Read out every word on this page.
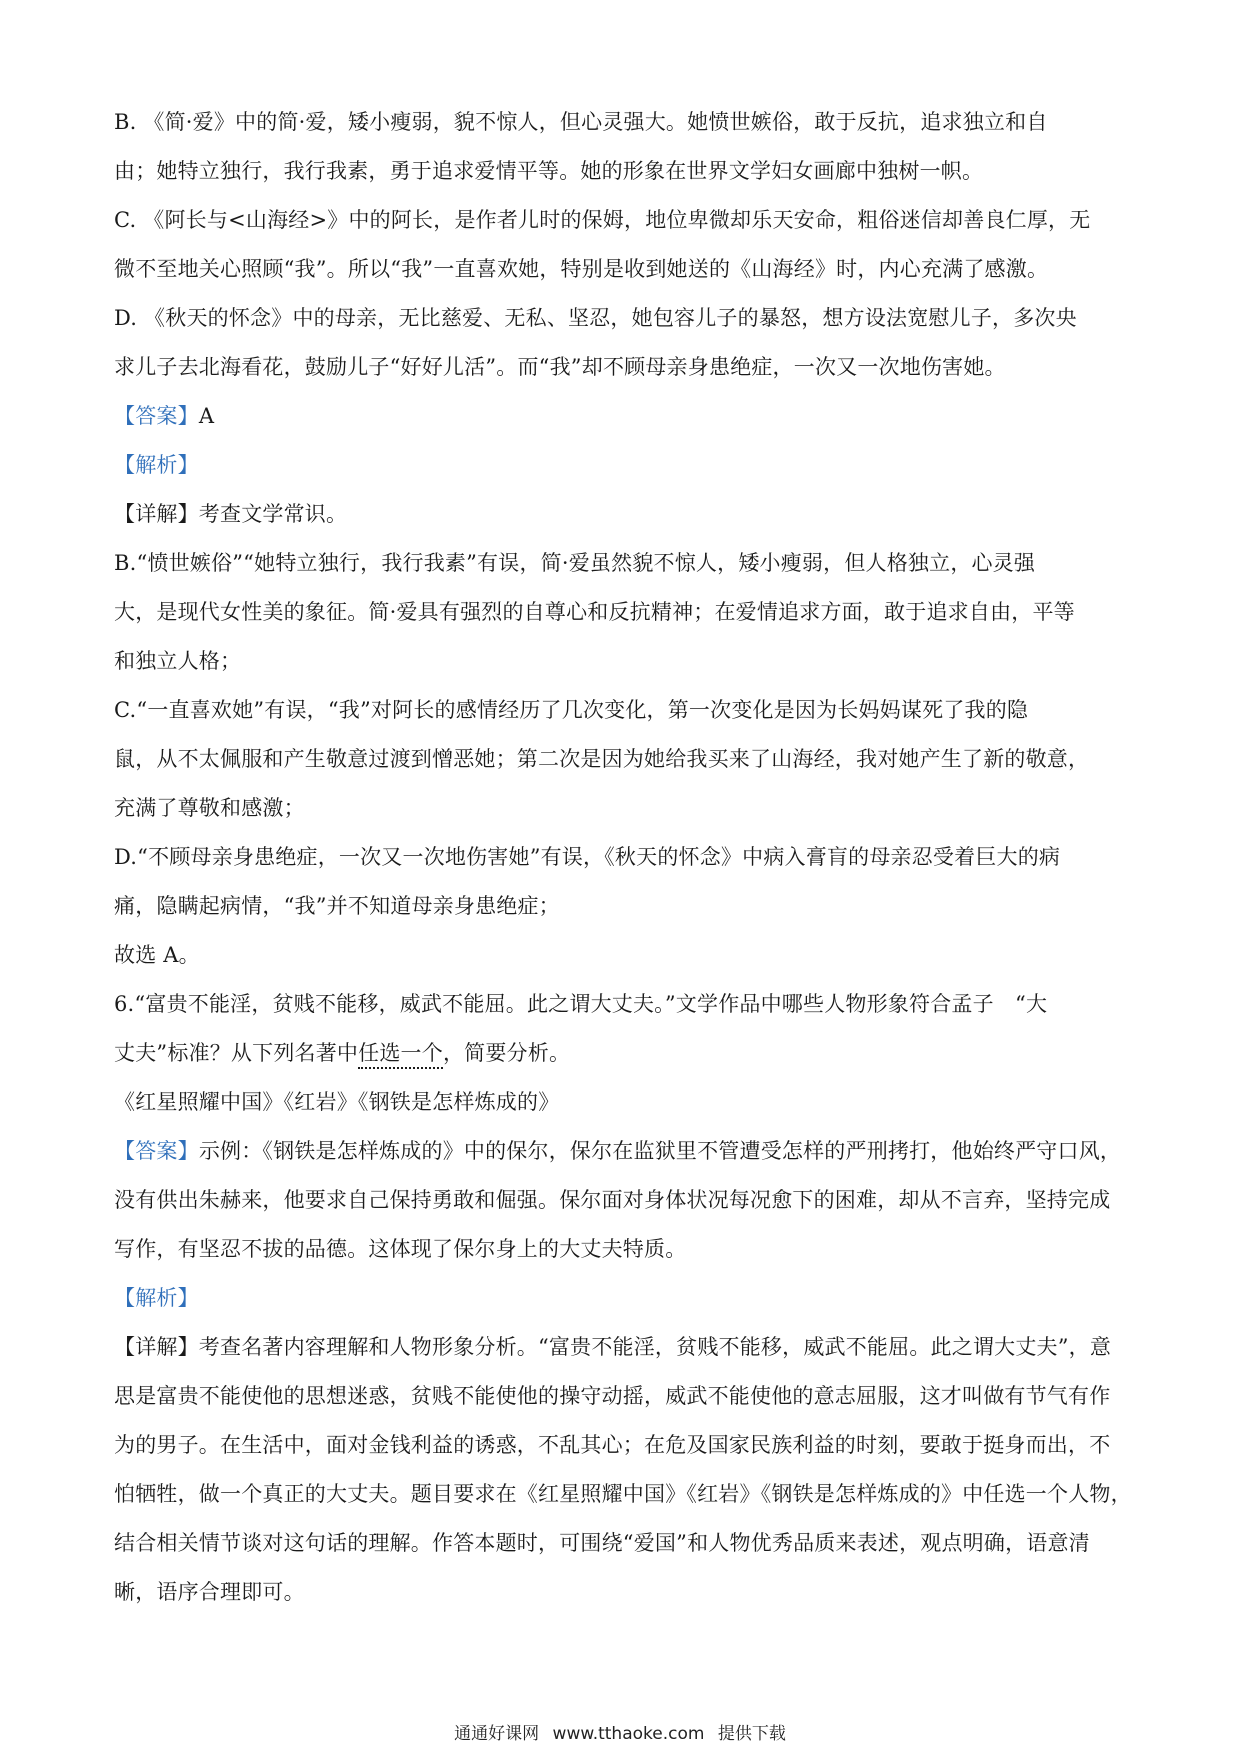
B. 《简·爱》中的简·爱，矮小瘦弱，貌不惊人，但心灵强大。她愤世嫉俗，敢于反抗，追求独立和自
由；她特立独行，我行我素，勇于追求爱情平等。她的形象在世界文学妇女画廊中独树一帜。
C. 《阿长与<山海经>》中的阿长，是作者儿时的保姆，地位卑微却乐天安命，粗俗迷信却善良仁厚，无
微不至地关心照顾“我”。所以“我”一直喜欢她，特别是收到她送的《山海经》时，内心充满了感激。
D. 《秋天的怀念》中的母亲，无比慈爱、无私、坚忍，她包容儿子的暴怒，想方设法宽慰儿子，多次央
求儿子去北海看花，鼓励儿子“好好儿活”。而“我”却不顾母亲身患绝症，一次又一次地伤害她。
【答案】A
【解析】
【详解】考查文学常识。
B.“愤世嫉俗”“她特立独行，我行我素”有误，简·爱虽然貌不惊人，矮小瘦弱，但人格独立，心灵强
大，是现代女性美的象征。简·爱具有强烈的自尊心和反抗精神；在爱情追求方面，敢于追求自由，平等
和独立人格；
C.“一直喜欢她”有误，“我”对阿长的感情经历了几次变化，第一次变化是因为长妈妈谋死了我的隐
鼠，从不太佩服和产生敬意过渡到憎恶她；第二次是因为她给我买来了山海经，我对她产生了新的敬意，
充满了尊敬和感激；
D.“不顾母亲身患绝症，一次又一次地伤害她”有误，《秋天的怀念》中病入膏肓的母亲忍受着巨大的病
痛，隐瞒起病情，“我”并不知道母亲身患绝症；
故选 A。
6.“富贵不能淫，贫贱不能移，威武不能屈。此之谓大丈夫。”文学作品中哪些人物形象符合孟子　“大
丈夫”标准？从下列名著中任选一个，简要分析。
《红星照耀中国》《红岩》《钢铁是怎样炼成的》
【答案】示例：《钢铁是怎样炼成的》中的保尔，保尔在监狱里不管遭受怎样的严刑拷打，他始终严守口风，
没有供出朱赫来，他要求自己保持勇敢和倔强。保尔面对身体状况每况愈下的困难，却从不言弃，坚持完成
写作，有坚忍不拔的品德。这体现了保尔身上的大丈夫特质。
【解析】
【详解】考查名著内容理解和人物形象分析。“富贵不能淫，贫贱不能移，威武不能屈。此之谓大丈夫”，意
思是富贵不能使他的思想迷惑，贫贱不能使他的操守动摇，威武不能使他的意志屈服，这才叫做有节气有作
为的男子。在生活中，面对金钱利益的诱惑，不乱其心；在危及国家民族利益的时刻，要敢于挺身而出，不
怕牺牲，做一个真正的大丈夫。题目要求在《红星照耀中国》《红岩》《钢铁是怎样炼成的》中任选一个人物，
结合相关情节谈对这句话的理解。作答本题时，可围绕“爱国”和人物优秀品质来表述，观点明确，语意清
晰，语序合理即可。
通通好课网 www.tthaoke.com 提供下载
